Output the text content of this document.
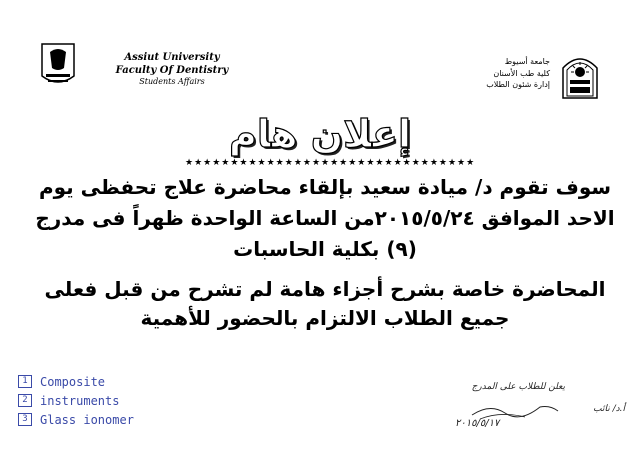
Assiut University
Faculty Of Dentistry
Students Affairs
جامعة أسيوط
كلية طب الأسنان
إدارة شئون الطلاب
إعلان هام
★★★★★★★★★★★★★★★★★★★★★★★★★★★★★★★★
سوف تقوم د/ ميادة سعيد بإلقاء محاضرة علاج تحفظى يوم
الاحد الموافق ٢٠١٥/٥/٢٤من الساعة الواحدة ظهراً فى مدرج
(٩) بكلية الحاسبات
المحاضرة خاصة بشرح أجزاء هامة لم تشرح من قبل فعلى
جميع الطلاب الالتزام بالحضور للأهمية
1	Composite
2	instruments
3	Glass ionomer
يعلن للطلاب على المدرج
أ.د/ نائب
٢٠١٥/٥/١٧
